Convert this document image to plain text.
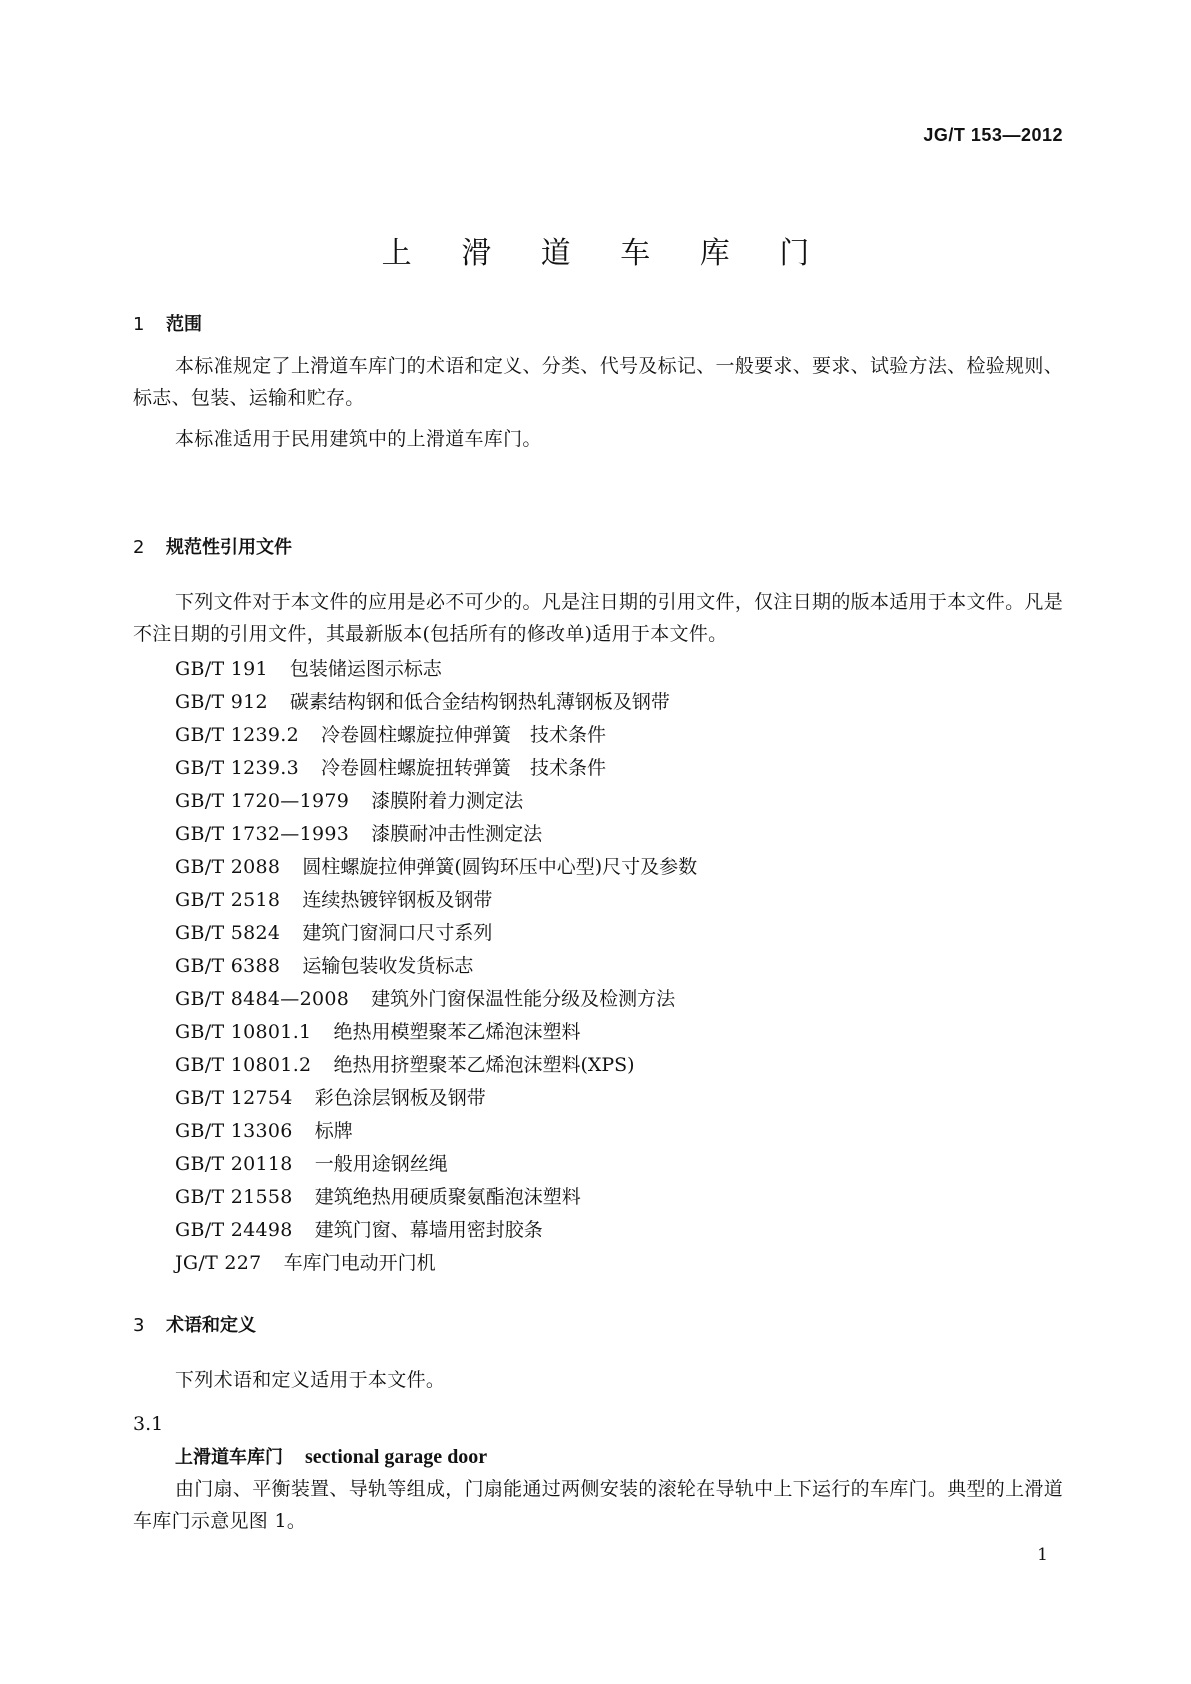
JG/T 153—2012
上 滑 道 车 库 门
1 范围

本标准规定了上滑道车库门的术语和定义、分类、代号及标记、一般要求、要求、试验方法、检验规则、标志、包装、运输和贮存。

本标准适用于民用建筑中的上滑道车库门。

2 规范性引用文件

下列文件对于本文件的应用是必不可少的。凡是注日期的引用文件，仅注日期的版本适用于本文件。凡是不注日期的引用文件，其最新版本(包括所有的修改单)适用于本文件。

GB/T 191 包装储运图示标志
GB/T 912 碳素结构钢和低合金结构钢热轧薄钢板及钢带
GB/T 1239.2 冷卷圆柱螺旋拉伸弹簧　技术条件
GB/T 1239.3 冷卷圆柱螺旋扭转弹簧　技术条件
GB/T 1720—1979 漆膜附着力测定法
GB/T 1732—1993 漆膜耐冲击性测定法
GB/T 2088 圆柱螺旋拉伸弹簧(圆钩环压中心型)尺寸及参数
GB/T 2518 连续热镀锌钢板及钢带
GB/T 5824 建筑门窗洞口尺寸系列
GB/T 6388 运输包装收发货标志
GB/T 8484—2008 建筑外门窗保温性能分级及检测方法
GB/T 10801.1 绝热用模塑聚苯乙烯泡沫塑料
GB/T 10801.2 绝热用挤塑聚苯乙烯泡沫塑料(XPS)
GB/T 12754 彩色涂层钢板及钢带
GB/T 13306 标牌
GB/T 20118 一般用途钢丝绳
GB/T 21558 建筑绝热用硬质聚氨酯泡沫塑料
GB/T 24498 建筑门窗、幕墙用密封胶条
JG/T 227 车库门电动开门机
3 术语和定义

下列术语和定义适用于本文件。

3.1
上滑道车库门 sectional garage door

由门扇、平衡装置、导轨等组成，门扇能通过两侧安装的滚轮在导轨中上下运行的车库门。典型的上滑道车库门示意见图 1。

1
